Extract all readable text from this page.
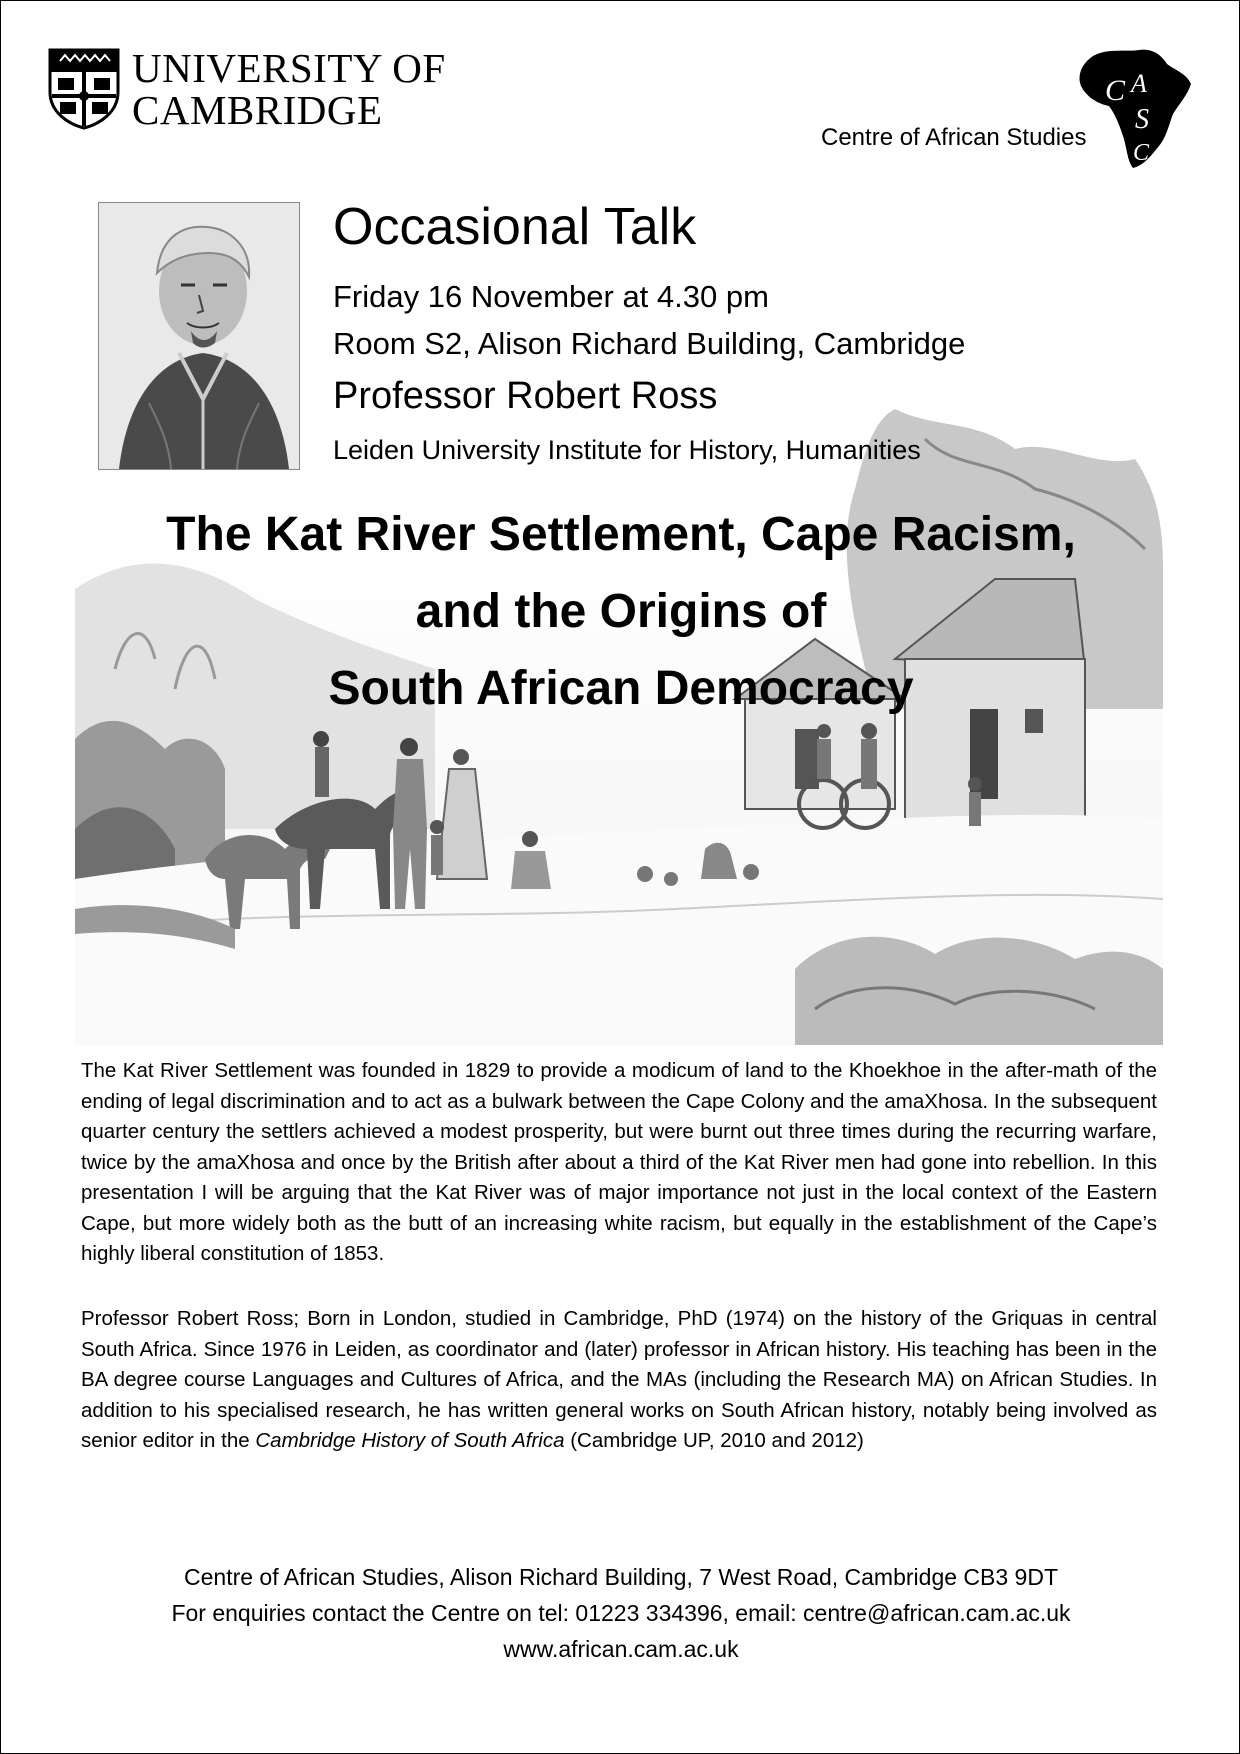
UNIVERSITY OF
CAMBRIDGE	C A
S
C
Centre of African Studies
Occasional Talk
Friday 16 November at 4.30 pm
Room S2, Alison Richard Building, Cambridge
Professor Robert Ross
Leiden University Institute for History, Humanities
The Kat River Settlement, Cape Racism,
and the Origins of
South African Democracy
The Kat River Settlement was founded in 1829 to provide a modicum of land to the Khoekhoe in the after-math of the ending of legal discrimination and to act as a bulwark between the Cape Colony and the amaXhosa. In the subsequent quarter century the settlers achieved a modest prosperity, but were burnt out three times during the recurring warfare, twice by the amaXhosa and once by the British after about a third of the Kat River men had gone into rebellion. In this presentation I will be arguing that the Kat River was of major importance not just in the local context of the Eastern Cape, but more widely both as the butt of an increasing white racism, but equally in the establishment of the Cape’s highly liberal constitution of 1853.
Professor Robert Ross; Born in London, studied in Cambridge, PhD (1974) on the history of the Griquas in central South Africa. Since 1976 in Leiden, as coordinator and (later) professor in African history. His teaching has been in the BA degree course Languages and Cultures of Africa, and the MAs (including the Research MA) on African Studies. In addition to his specialised research, he has written general works on South African history, notably being involved as senior editor in the Cambridge History of South Africa (Cambridge UP, 2010 and 2012)
Centre of African Studies, Alison Richard Building, 7 West Road, Cambridge CB3 9DT
For enquiries contact the Centre on tel: 01223 334396, email: centre@african.cam.ac.uk
www.african.cam.ac.uk
